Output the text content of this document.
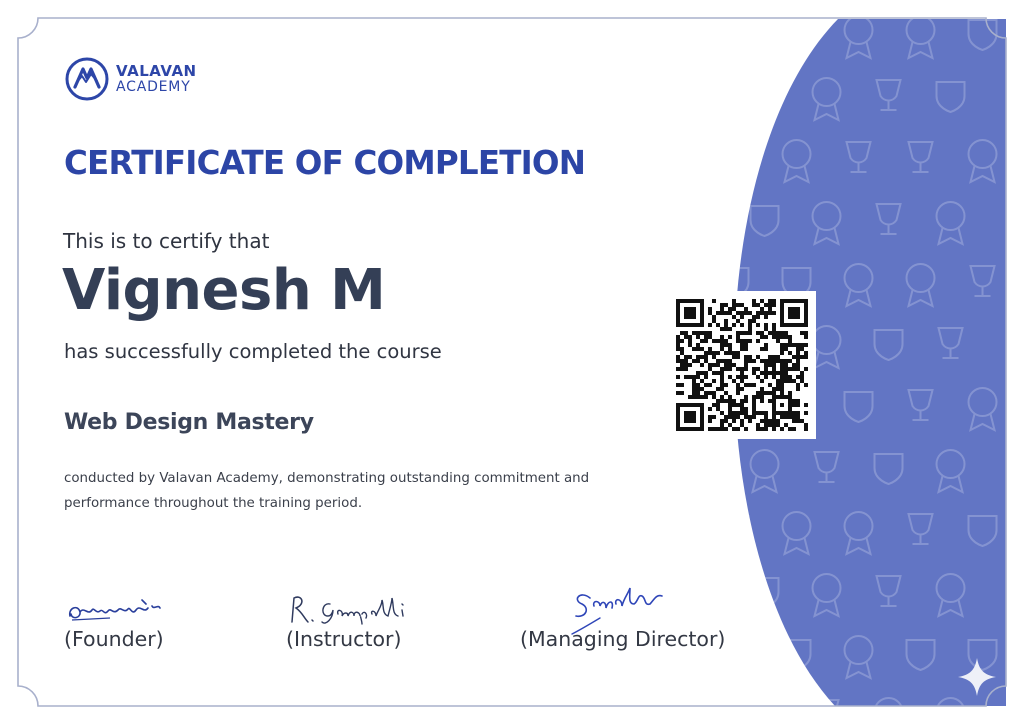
VALAVAN
ACADEMY
CERTIFICATE OF COMPLETION
This is to certify that
Vignesh M
has successfully completed the course
Web Design Mastery
conducted by Valavan Academy, demonstrating outstanding commitment and
performance throughout the training period.
(Founder)	(Instructor)	(Managing Director)
